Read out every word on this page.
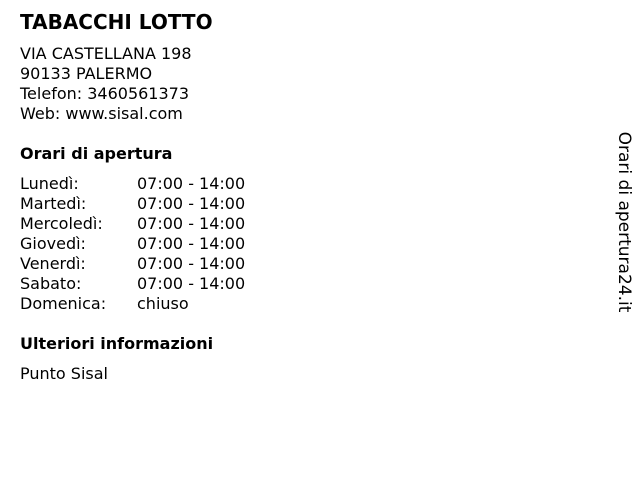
TABACCHI LOTTO
VIA CASTELLANA 198
90133 PALERMO
Telefon: 3460561373
Web: www.sisal.com
Orari di apertura
Lunedì:	07:00 - 14:00
Martedì:	07:00 - 14:00
Mercoledì: 07:00 - 14:00
Giovedì:	07:00 - 14:00
Venerdì:	07:00 - 14:00
Sabato:	07:00 - 14:00
Domenica: chiuso
Ulteriori informazioni
Punto Sisal
Orari di apertura24.it
